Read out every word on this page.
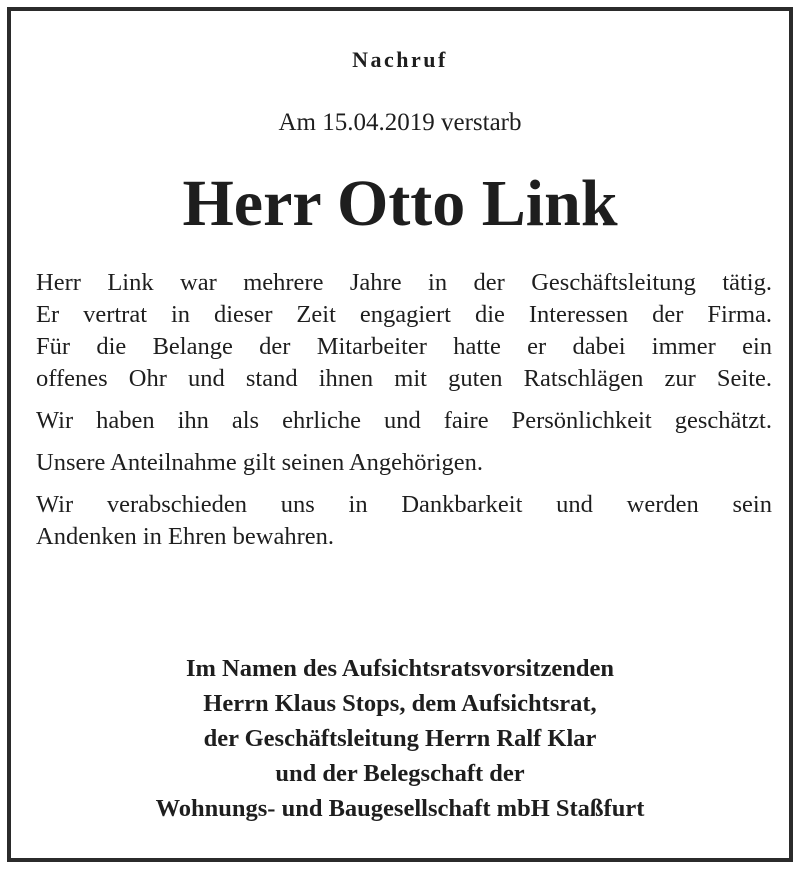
Nachruf
Am 15.04.2019 verstarb
Herr Otto Link

Herr Link war mehrere Jahre in der Geschäftsleitung tätig.
Er vertrat in dieser Zeit engagiert die Interessen der Firma.
Für die Belange der Mitarbeiter hatte er dabei immer ein
offenes Ohr und stand ihnen mit guten Ratschlägen zur Seite.

Wir haben ihn als ehrliche und faire Persönlichkeit geschätzt.

Unsere Anteilnahme gilt seinen Angehörigen.

Wir verabschieden uns in Dankbarkeit und werden sein
Andenken in Ehren bewahren.

Im Namen des Aufsichtsratsvorsitzenden
Herrn Klaus Stops, dem Aufsichtsrat,
der Geschäftsleitung Herrn Ralf Klar
und der Belegschaft der
Wohnungs- und Baugesellschaft mbH Staßfurt
